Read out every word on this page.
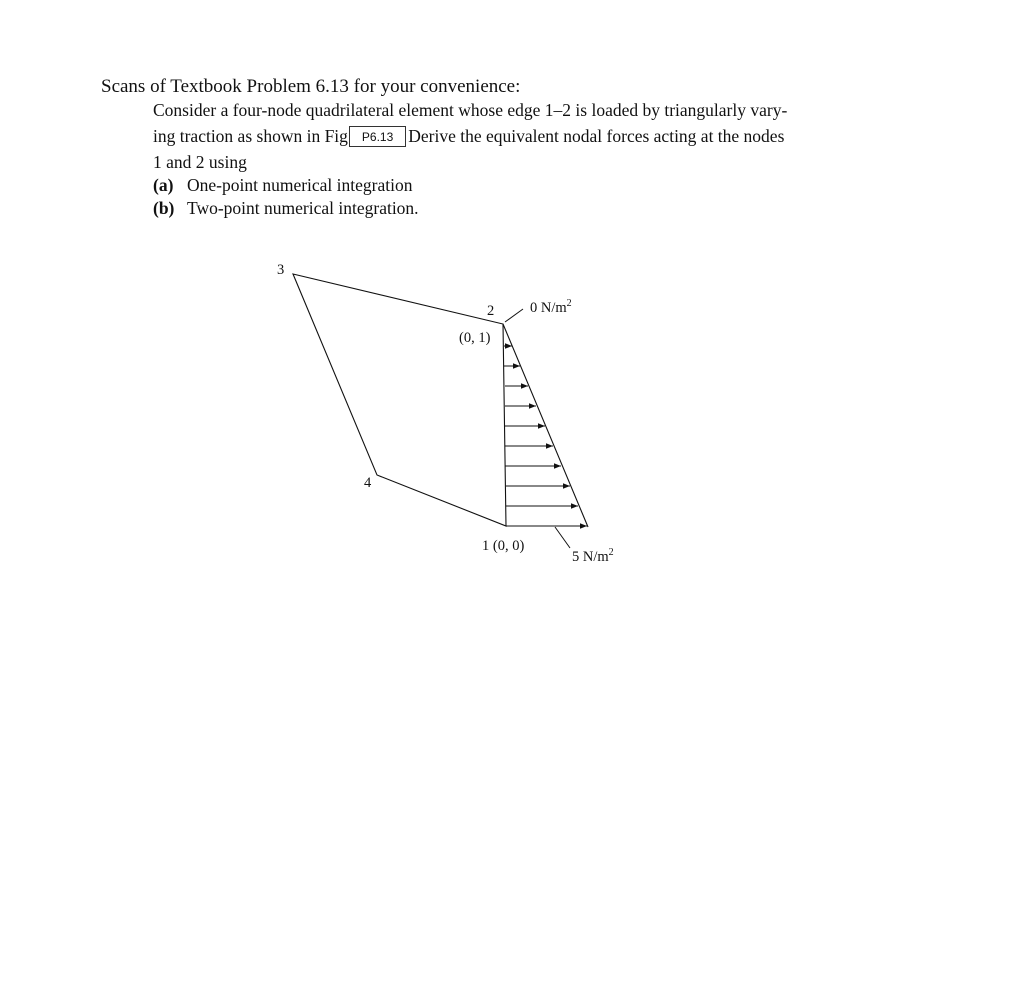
Scans of Textbook Problem 6.13 for your convenience:
Consider a four-node quadrilateral element whose edge 1–2 is loaded by triangularly vary-
ing traction as shown in Fig P6.13 Derive the equivalent nodal forces acting at the nodes
1 and 2 using
(a) One-point numerical integration
(b) Two-point numerical integration.
3
4
2
(0, 1)
1 (0, 0)
0 $N/m^2$
5 $N/m^2$
